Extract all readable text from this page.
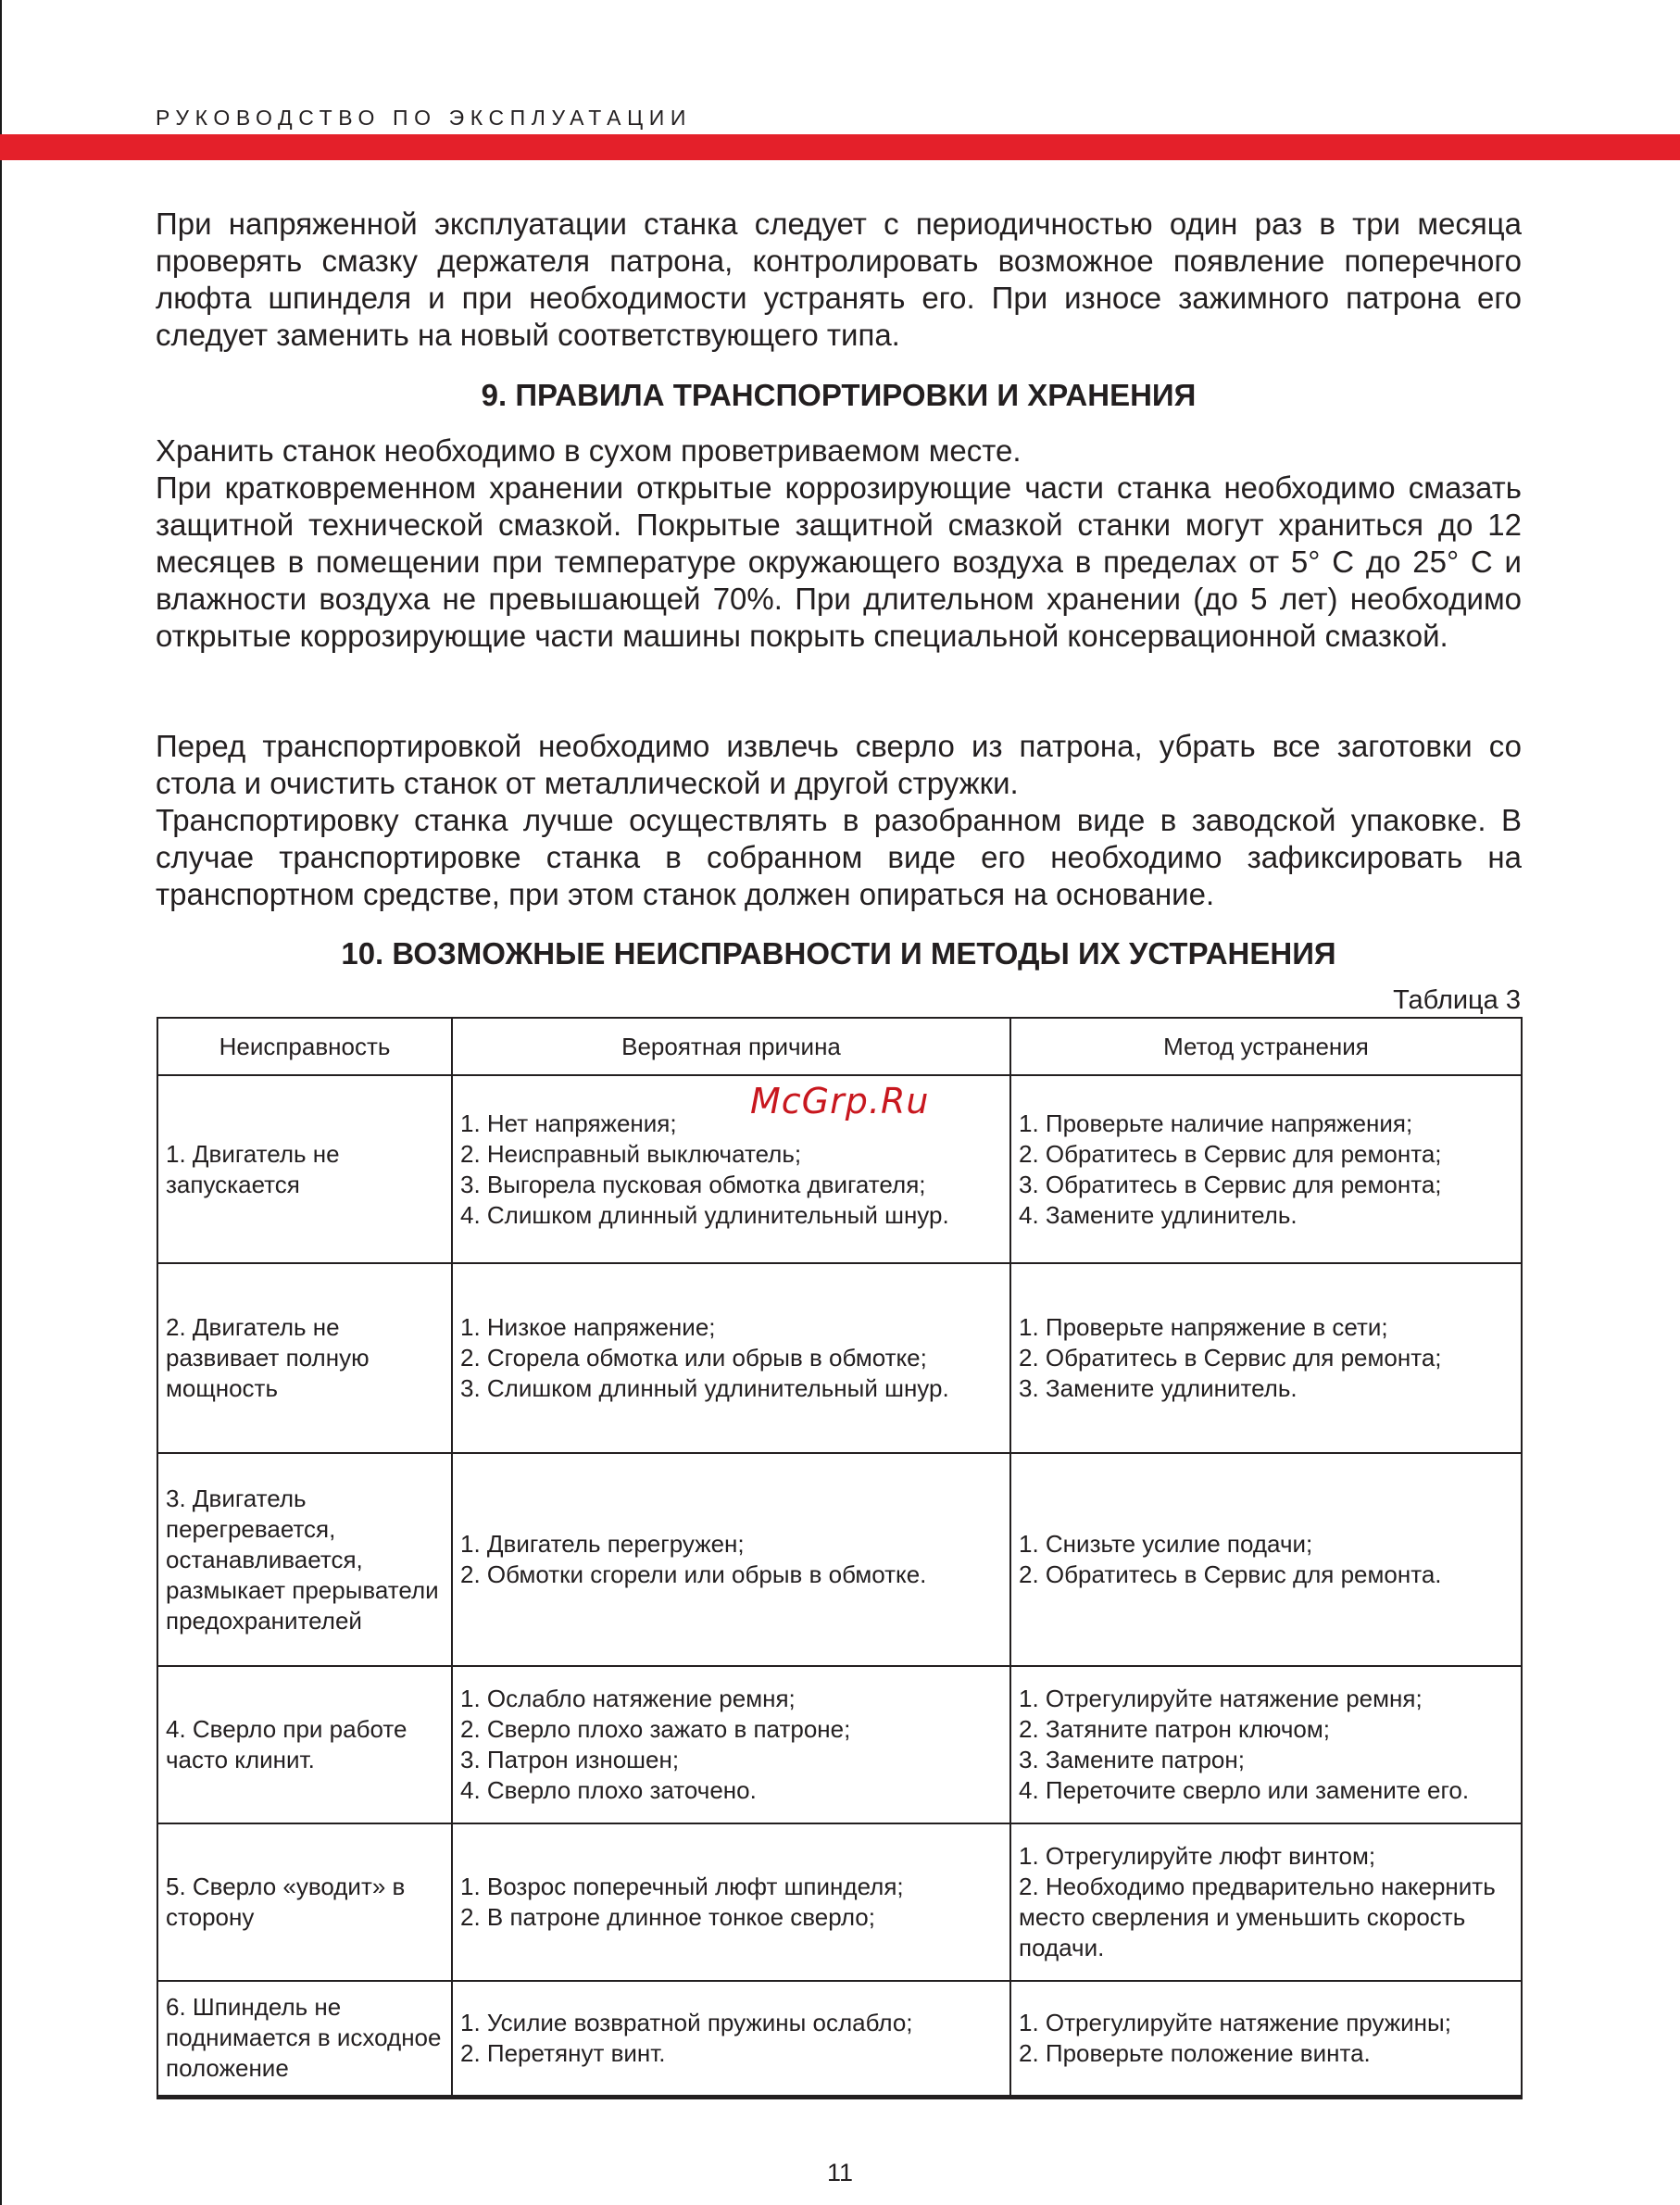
РУКОВОДСТВО ПО ЭКСПЛУАТАЦИИ

При напряженной эксплуатации станка следует с периодичностью один раз в три месяца проверять смазку держателя патрона, контролировать возможное появление поперечного люфта шпинделя и при необходимости устранять его. При износе зажимного патрона его следует заменить на новый соответствующего типа.

9. ПРАВИЛА ТРАНСПОРТИРОВКИ И ХРАНЕНИЯ

Хранить станок необходимо в сухом проветриваемом месте.

При кратковременном хранении открытые коррозирующие части станка необходимо смазать защитной технической смазкой. Покрытые защитной смазкой станки могут храниться до 12 месяцев в помещении при температуре окружающего воздуха в пределах от 5° С до 25° С и влажности воздуха не превышающей 70%. При длительном хранении (до 5 лет) необходимо открытые коррозирующие части машины покрыть специальной консервационной смазкой.

Перед транспортировкой необходимо извлечь сверло из патрона, убрать все заготовки со стола и очистить станок от металлической и другой стружки.

Транспортировку станка лучше осуществлять в разобранном виде в заводской упаковке. В случае транспортировке станка в собранном виде его необходимо зафиксировать на транспортном средстве, при этом станок должен опираться на основание.

10. ВОЗМОЖНЫЕ НЕИСПРАВНОСТИ И МЕТОДЫ ИХ УСТРАНЕНИЯ
Таблица 3
Неисправность	Вероятная причина	Метод устранения
1. Двигатель не запускается	1. Нет напряжения;
2. Неисправный выключатель;
3. Выгорела пусковая обмотка двигателя;
4. Слишком длинный удлинительный шнур.	1. Проверьте наличие напряжения;
2. Обратитесь в Сервис для ремонта;
3. Обратитесь в Сервис для ремонта;
4. Замените удлинитель.

2. Двигатель не развивает полную мощность	1. Низкое напряжение;
2. Сгорела обмотка или обрыв в обмотке;
3. Слишком длинный удлинительный шнур.	1. Проверьте напряжение в сети;
2. Обратитесь в Сервис для ремонта;
3. Замените удлинитель.

3. Двигатель перегревается, останавливается, размыкает прерыватели предохранителей	1. Двигатель перегружен;
2. Обмотки сгорели или обрыв в обмотке.	1. Снизьте усилие подачи;
2. Обратитесь в Сервис для ремонта.

4. Сверло при работе часто клинит.	1. Ослабло натяжение ремня;
2. Сверло плохо зажато в патроне;
3. Патрон изношен;
4. Сверло плохо заточено.	1. Отрегулируйте натяжение ремня;
2. Затяните патрон ключом;
3. Замените патрон;
4. Переточите сверло или замените его.

5. Сверло «уводит» в сторону	1. Возрос поперечный люфт шпинделя;
2. В патроне длинное тонкое сверло;	1. Отрегулируйте люфт винтом;
2. Необходимо предварительно накернить место сверления и уменьшить скорость подачи.

6. Шпиндель не поднимается в исходное положение	1. Усилие возвратной пружины ослабло;
2. Перетянут винт.	1. Отрегулируйте натяжение пружины;
2. Проверьте положение винта.
McGrp.Ru
11
